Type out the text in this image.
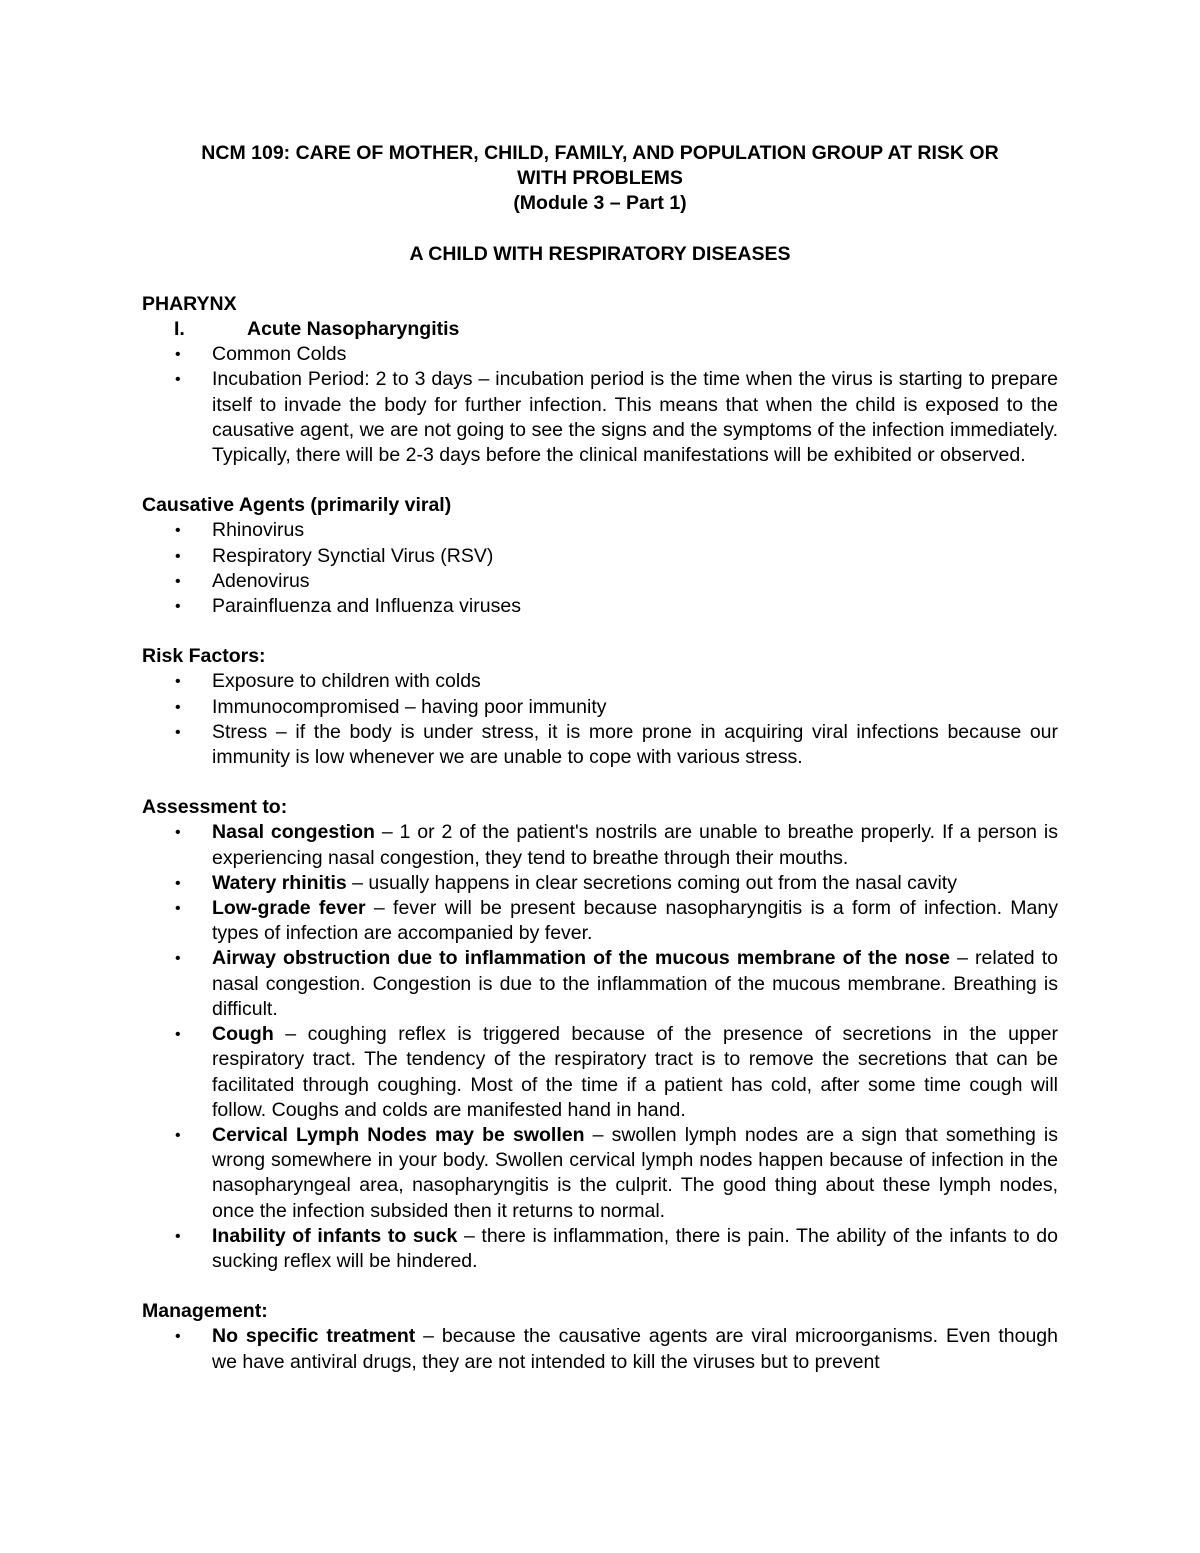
NCM 109: CARE OF MOTHER, CHILD, FAMILY, AND POPULATION GROUP AT RISK OR
WITH PROBLEMS
(Module 3 – Part 1)
A CHILD WITH RESPIRATORY DISEASES
PHARYNX
I.	Acute Nasopharyngitis
• Common Colds
• Incubation Period: 2 to 3 days – incubation period is the time when the virus is starting to prepare itself to invade the body for further infection. This means that when the child is exposed to the causative agent, we are not going to see the signs and the symptoms of the infection immediately. Typically, there will be 2-3 days before the clinical manifestations will be exhibited or observed.
Causative Agents (primarily viral)
• Rhinovirus
• Respiratory Synctial Virus (RSV)
• Adenovirus
• Parainfluenza and Influenza viruses
Risk Factors:
• Exposure to children with colds
• Immunocompromised – having poor immunity
• Stress – if the body is under stress, it is more prone in acquiring viral infections because our immunity is low whenever we are unable to cope with various stress.
Assessment to:
• Nasal congestion – 1 or 2 of the patient's nostrils are unable to breathe properly. If a person is experiencing nasal congestion, they tend to breathe through their mouths.
• Watery rhinitis – usually happens in clear secretions coming out from the nasal cavity
• Low-grade fever – fever will be present because nasopharyngitis is a form of infection. Many types of infection are accompanied by fever.
• Airway obstruction due to inflammation of the mucous membrane of the nose – related to nasal congestion. Congestion is due to the inflammation of the mucous membrane. Breathing is difficult.
• Cough – coughing reflex is triggered because of the presence of secretions in the upper respiratory tract. The tendency of the respiratory tract is to remove the secretions that can be facilitated through coughing. Most of the time if a patient has cold, after some time cough will follow. Coughs and colds are manifested hand in hand.
• Cervical Lymph Nodes may be swollen – swollen lymph nodes are a sign that something is wrong somewhere in your body. Swollen cervical lymph nodes happen because of infection in the nasopharyngeal area, nasopharyngitis is the culprit. The good thing about these lymph nodes, once the infection subsided then it returns to normal.
• Inability of infants to suck – there is inflammation, there is pain. The ability of the infants to do sucking reflex will be hindered.
Management:
• No specific treatment – because the causative agents are viral microorganisms. Even though we have antiviral drugs, they are not intended to kill the viruses but to prevent
